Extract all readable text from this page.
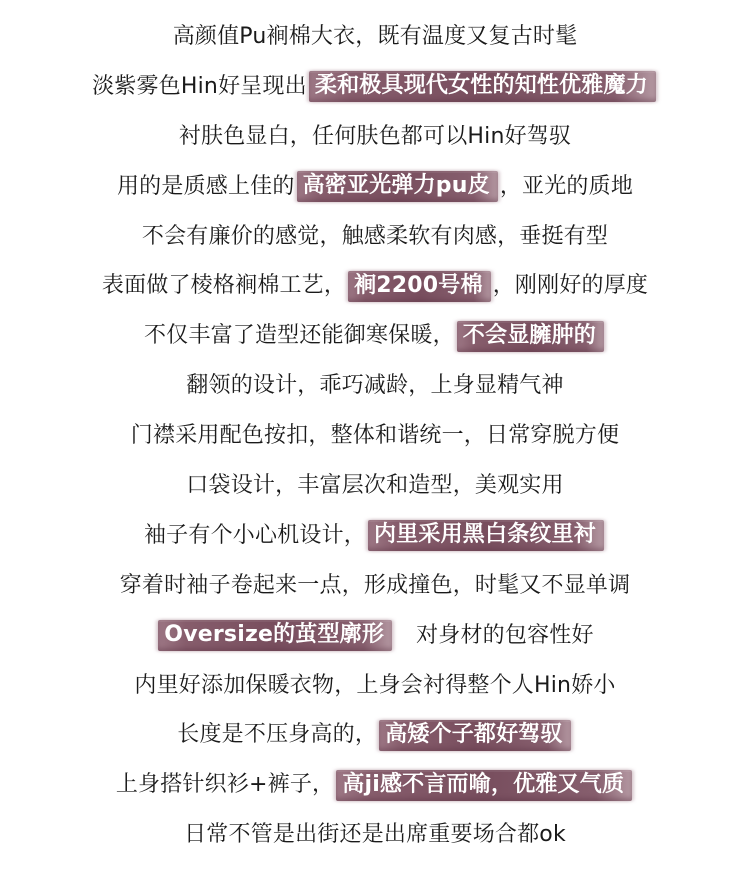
高颜值Pu裥棉大衣，既有温度又复古时髦
淡紫雾色Hin好呈现出 柔和极具现代女性的知性优雅魔力
衬肤色显白，任何肤色都可以Hin好驾驭
用的是质感上佳的 高密亚光弹力pu皮 ，亚光的质地
不会有廉价的感觉，触感柔软有肉感，垂挺有型
表面做了棱格裥棉工艺， 裥2200号棉 ，刚刚好的厚度
不仅丰富了造型还能御寒保暖， 不会显臃肿的
翻领的设计，乖巧减龄，上身显精气神
门襟采用配色按扣，整体和谐统一，日常穿脱方便
口袋设计，丰富层次和造型，美观实用
袖子有个小心机设计， 内里采用黑白条纹里衬
穿着时袖子卷起来一点，形成撞色，时髦又不显单调
Oversize的茧型廓形	对身材的包容性好
内里好添加保暖衣物，上身会衬得整个人Hin娇小
长度是不压身高的， 高矮个子都好驾驭
上身搭针织衫+裤子， 高ji感不言而喻，优雅又气质
日常不管是出街还是出席重要场合都ok
